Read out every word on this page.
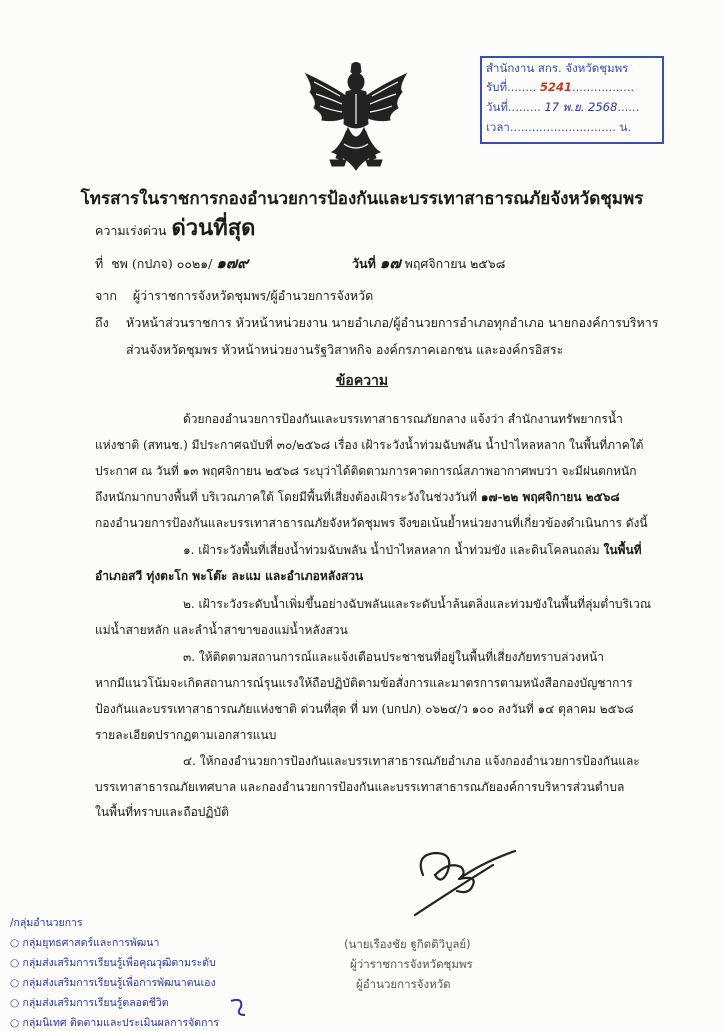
สำนักงาน สกร. จังหวัดชุมพร
รับที่........ 5241.................
วันที่......... 17 พ.ย. 2568......
เวลา............................. น.
โทรสารในราชการกองอำนวยการป้องกันและบรรเทาสาธารณภัยจังหวัดชุมพร
ความเร่งด่วน ด่วนที่สุด
ที่ ชพ (กปภจ) ๐๐๒๑/ ๑๗๙	วันที่ ๑๗ พฤศจิกายน ๒๕๖๘
จาก ผู้ว่าราชการจังหวัดชุมพร/ผู้อำนวยการจังหวัด
ถึง หัวหน้าส่วนราชการ หัวหน้าหน่วยงาน นายอำเภอ/ผู้อำนวยการอำเภอทุกอำเภอ นายกองค์การบริหาร
ส่วนจังหวัดชุมพร หัวหน้าหน่วยงานรัฐวิสาหกิจ องค์กรภาคเอกชน และองค์กรอิสระ
ข้อความ
ด้วยกองอำนวยการป้องกันและบรรเทาสาธารณภัยกลาง แจ้งว่า สำนักงานทรัพยากรน้ำ
แห่งชาติ (สทนช.) มีประกาศฉบับที่ ๓๐/๒๕๖๘ เรื่อง เฝ้าระวังน้ำท่วมฉับพลัน น้ำป่าไหลหลาก ในพื้นที่ภาคใต้
ประกาศ ณ วันที่ ๑๓ พฤศจิกายน ๒๕๖๘ ระบุว่าได้ติดตามการคาดการณ์สภาพอากาศพบว่า จะมีฝนตกหนัก
ถึงหนักมากบางพื้นที่ บริเวณภาคใต้ โดยมีพื้นที่เสี่ยงต้องเฝ้าระวังในช่วงวันที่ ๑๗-๒๒ พฤศจิกายน ๒๕๖๘
กองอำนวยการป้องกันและบรรเทาสาธารณภัยจังหวัดชุมพร จึงขอเน้นย้ำหน่วยงานที่เกี่ยวข้องดำเนินการ ดังนี้
๑. เฝ้าระวังพื้นที่เสี่ยงน้ำท่วมฉับพลัน น้ำป่าไหลหลาก น้ำท่วมขัง และดินโคลนถล่ม ในพื้นที่
อำเภอสวี ทุ่งตะโก พะโต๊ะ ละแม และอำเภอหลังสวน
๒. เฝ้าระวังระดับน้ำเพิ่มขึ้นอย่างฉับพลันและระดับน้ำล้นตลิ่งและท่วมขังในพื้นที่ลุ่มต่ำบริเวณ
แม่น้ำสายหลัก และลำน้ำสาขาของแม่น้ำหลังสวน
๓. ให้ติดตามสถานการณ์และแจ้งเตือนประชาชนที่อยู่ในพื้นที่เสี่ยงภัยทราบล่วงหน้า
หากมีแนวโน้มจะเกิดสถานการณ์รุนแรงให้ถือปฏิบัติตามข้อสั่งการและมาตรการตามหนังสือกองบัญชาการ
ป้องกันและบรรเทาสาธารณภัยแห่งชาติ ด่วนที่สุด ที่ มท (บกปภ) ๐๖๒๔/ว ๑๐๐ ลงวันที่ ๑๔ ตุลาคม ๒๕๖๘
รายละเอียดปรากฏตามเอกสารแนบ
๔. ให้กองอำนวยการป้องกันและบรรเทาสาธารณภัยอำเภอ แจ้งกองอำนวยการป้องกันและ
บรรเทาสาธารณภัยเทศบาล และกองอำนวยการป้องกันและบรรเทาสาธารณภัยองค์การบริหารส่วนตำบล
ในพื้นที่ทราบและถือปฏิบัติ
(นายเรืองชัย ฐูกิตติวิบูลย์)
ผู้ว่าราชการจังหวัดชุมพร
ผู้อำนวยการจังหวัด
/กลุ่มอำนวยการ
○ กลุ่มยุทธศาสตร์และการพัฒนา
○ กลุ่มส่งเสริมการเรียนรู้เพื่อคุณวุฒิตามระดับ
○ กลุ่มส่งเสริมการเรียนรู้เพื่อการพัฒนาตนเอง
○ กลุ่มส่งเสริมการเรียนรู้ตลอดชีวิต
○ กลุ่มนิเทศ ติดตามและประเมินผลการจัดการ
